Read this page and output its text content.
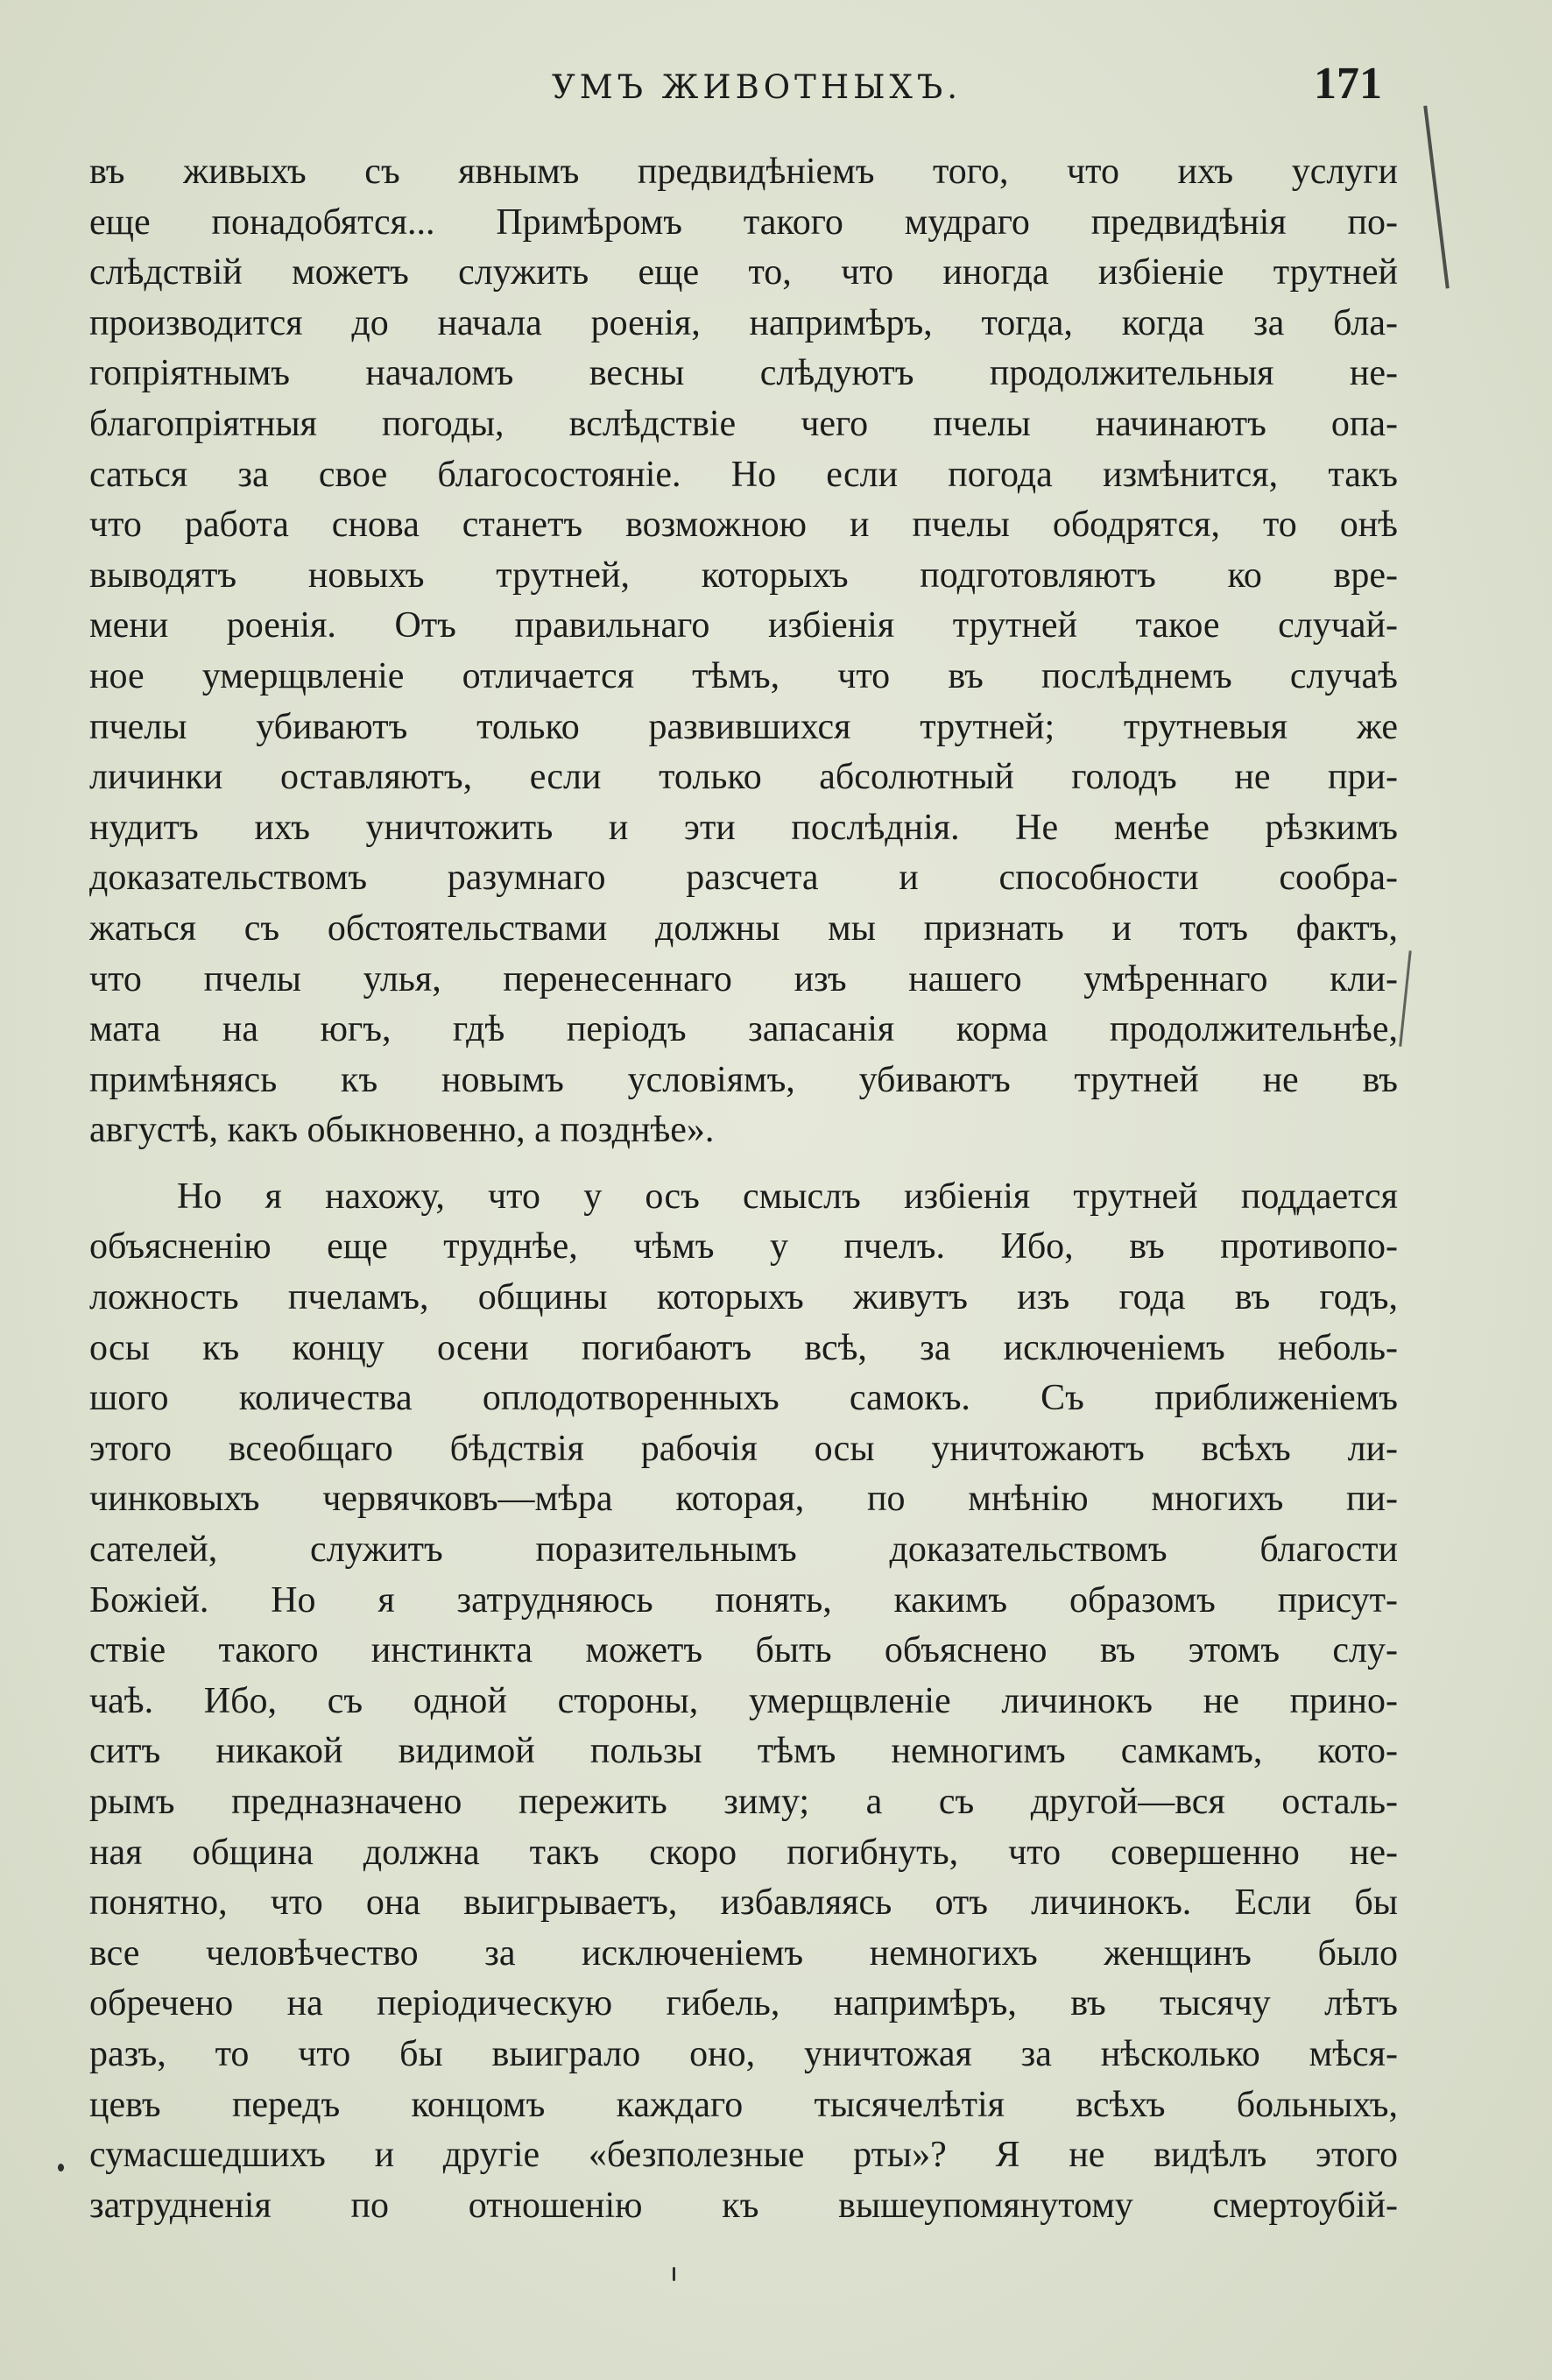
УМЪ ЖИВОТНЫХЪ.	171
въ живыхъ съ явнымъ предвидѣніемъ того, что ихъ услуги
еще понадобятся... Примѣромъ такого мудраго предвидѣнія по-
слѣдствій можетъ служить еще то, что иногда избіеніе трутней
производится до начала роенія, напримѣръ, тогда, когда за бла-
гопріятнымъ началомъ весны слѣдуютъ продолжительныя не-
благопріятныя погоды, вслѣдствіе чего пчелы начинаютъ опа-
саться за свое благосостояніе. Но если погода измѣнится, такъ
что работа снова станетъ возможною и пчелы ободрятся, то онѣ
выводятъ новыхъ трутней, которыхъ подготовляютъ ко вре-
мени роенія. Отъ правильнаго избіенія трутней такое случай-
ное умерщвленіе отличается тѣмъ, что въ послѣднемъ случаѣ
пчелы убиваютъ только развившихся трутней; трутневыя же
личинки оставляютъ, если только абсолютный голодъ не при-
нудитъ ихъ уничтожить и эти послѣднія. Не менѣе рѣзкимъ
доказательствомъ разумнаго разсчета и способности сообра-
жаться съ обстоятельствами должны мы признать и тотъ фактъ,
что пчелы улья, перенесеннаго изъ нашего умѣреннаго кли-
мата на югъ, гдѣ періодъ запасанія корма продолжительнѣе,
примѣняясь къ новымъ условіямъ, убиваютъ трутней не въ
августѣ, какъ обыкновенно, а позднѣе».
Но я нахожу, что у осъ смыслъ избіенія трутней поддается
объясненію еще труднѣе, чѣмъ у пчелъ. Ибо, въ противопо-
ложность пчеламъ, общины которыхъ живутъ изъ года въ годъ,
осы къ концу осени погибаютъ всѣ, за исключеніемъ неболь-
шого количества оплодотворенныхъ самокъ. Съ приближеніемъ
этого всеобщаго бѣдствія рабочія осы уничтожаютъ всѣхъ ли-
чинковыхъ червячковъ—мѣра которая, по мнѣнію многихъ пи-
сателей, служитъ поразительнымъ доказательствомъ благости
Божіей. Но я затрудняюсь понять, какимъ образомъ присут-
ствіе такого инстинкта можетъ быть объяснено въ этомъ слу-
чаѣ. Ибо, съ одной стороны, умерщвленіе личинокъ не прино-
ситъ никакой видимой пользы тѣмъ немногимъ самкамъ, кото-
рымъ предназначено пережить зиму; а съ другой—вся осталь-
ная община должна такъ скоро погибнуть, что совершенно не-
понятно, что она выигрываетъ, избавляясь отъ личинокъ. Если бы
все человѣчество за исключеніемъ немногихъ женщинъ было
обречено на періодическую гибель, напримѣръ, въ тысячу лѣтъ
разъ, то что бы выиграло оно, уничтожая за нѣсколько мѣся-
цевъ передъ концомъ каждаго тысячелѣтія всѣхъ больныхъ,
сумасшедшихъ и другіе «безполезные рты»? Я не видѣлъ этого
затрудненія по отношенію къ вышеупомянутому смертоубій-
